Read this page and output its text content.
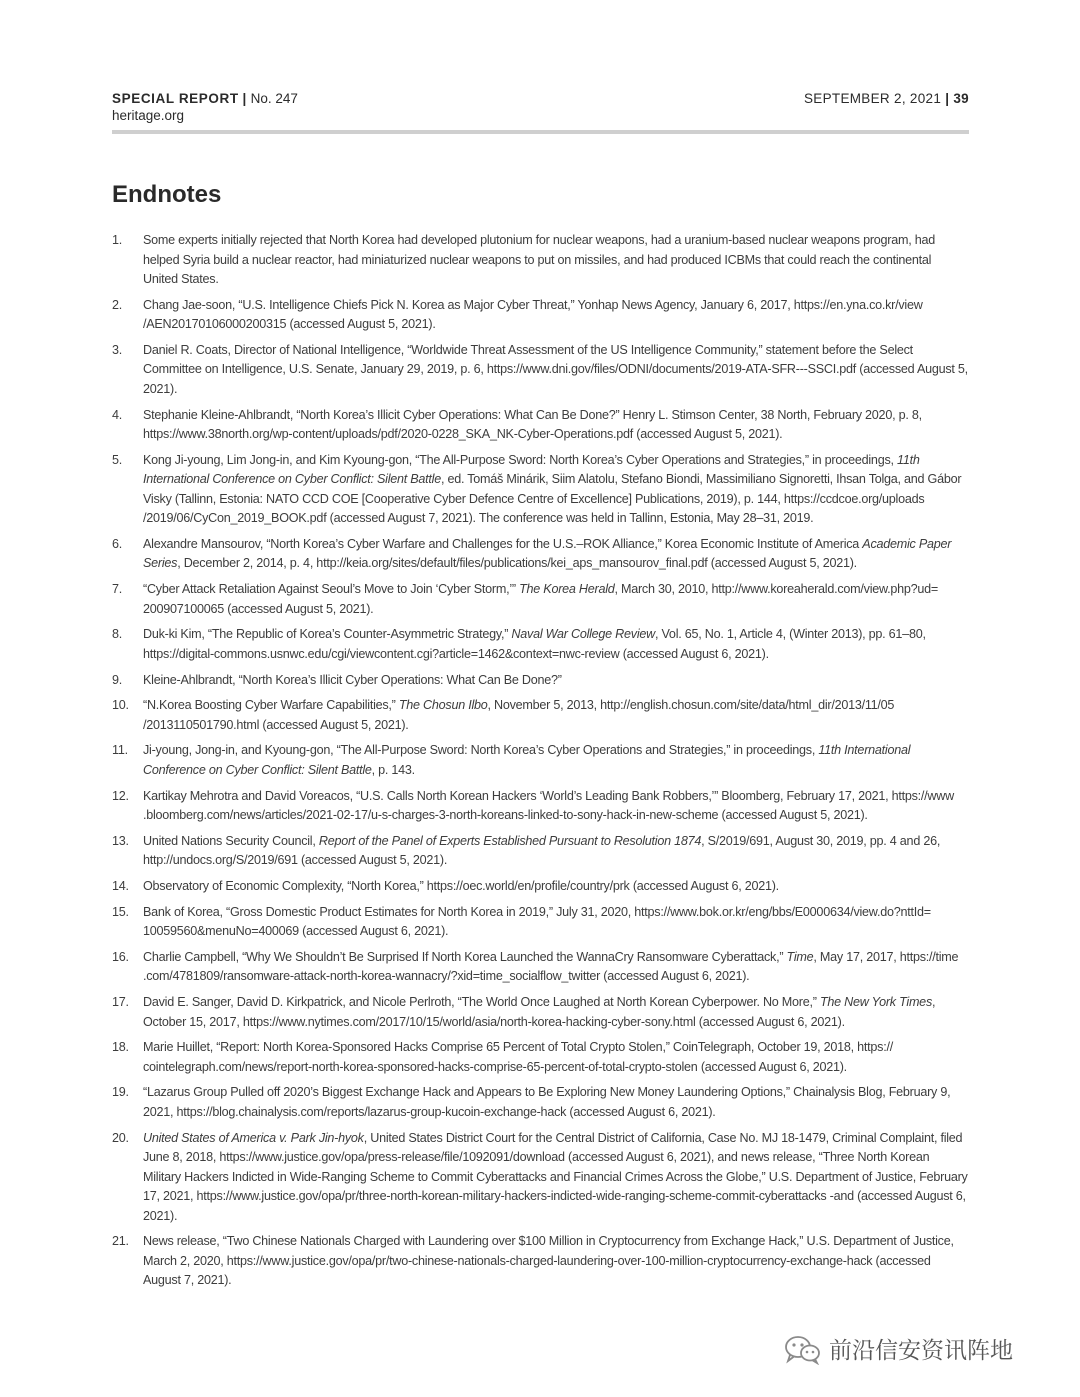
SPECIAL REPORT | No. 247
heritage.org
SEPTEMBER 2, 2021 | 39
Endnotes
1.	Some experts initially rejected that North Korea had developed plutonium for nuclear weapons, had a uranium-based nuclear weapons program, had helped Syria build a nuclear reactor, had miniaturized nuclear weapons to put on missiles, and had produced ICBMs that could reach the continental United States.
2.	Chang Jae-soon, “U.S. Intelligence Chiefs Pick N. Korea as Major Cyber Threat,” Yonhap News Agency, January 6, 2017, https://en.yna.co.kr/view /AEN20170106000200315 (accessed August 5, 2021).
3.	Daniel R. Coats, Director of National Intelligence, “Worldwide Threat Assessment of the US Intelligence Community,” statement before the Select Committee on Intelligence, U.S. Senate, January 29, 2019, p. 6, https://www.dni.gov/files/ODNI/documents/2019-ATA-SFR---SSCI.pdf (accessed August 5, 2021).
4.	Stephanie Kleine-Ahlbrandt, “North Korea’s Illicit Cyber Operations: What Can Be Done?” Henry L. Stimson Center, 38 North, February 2020, p. 8, https://www.38north.org/wp-content/uploads/pdf/2020-0228_SKA_NK-Cyber-Operations.pdf (accessed August 5, 2021).
5.	Kong Ji-young, Lim Jong-in, and Kim Kyoung-gon, “The All-Purpose Sword: North Korea’s Cyber Operations and Strategies,” in proceedings, 11th International Conference on Cyber Conflict: Silent Battle, ed. Tomáš Minárik, Siim Alatolu, Stefano Biondi, Massimiliano Signoretti, Ihsan Tolga, and Gábor Visky (Tallinn, Estonia: NATO CCD COE [Cooperative Cyber Defence Centre of Excellence] Publications, 2019), p. 144, https://ccdcoe.org/uploads /2019/06/CyCon_2019_BOOK.pdf (accessed August 7, 2021). The conference was held in Tallinn, Estonia, May 28–31, 2019.
6.	Alexandre Mansourov, “North Korea’s Cyber Warfare and Challenges for the U.S.–ROK Alliance,” Korea Economic Institute of America Academic Paper Series, December 2, 2014, p. 4, http://keia.org/sites/default/files/publications/kei_aps_mansourov_final.pdf (accessed August 5, 2021).
7.	“Cyber Attack Retaliation Against Seoul’s Move to Join ‘Cyber Storm,’” The Korea Herald, March 30, 2010, http://www.koreaherald.com/view.php?ud= 200907100065 (accessed August 5, 2021).
8.	Duk-ki Kim, “The Republic of Korea’s Counter-Asymmetric Strategy,” Naval War College Review, Vol. 65, No. 1, Article 4, (Winter 2013), pp. 61–80, https://digital-commons.usnwc.edu/cgi/viewcontent.cgi?article=1462&context=nwc-review (accessed August 6, 2021).
9.	Kleine-Ahlbrandt, “North Korea’s Illicit Cyber Operations: What Can Be Done?”
10.	“N.Korea Boosting Cyber Warfare Capabilities,” The Chosun Ilbo, November 5, 2013, http://english.chosun.com/site/data/html_dir/2013/11/05 /2013110501790.html (accessed August 5, 2021).
11.	Ji-young, Jong-in, and Kyoung-gon, “The All-Purpose Sword: North Korea’s Cyber Operations and Strategies,” in proceedings, 11th International Conference on Cyber Conflict: Silent Battle, p. 143.
12.	Kartikay Mehrotra and David Voreacos, “U.S. Calls North Korean Hackers ‘World’s Leading Bank Robbers,’” Bloomberg, February 17, 2021, https://www .bloomberg.com/news/articles/2021-02-17/u-s-charges-3-north-koreans-linked-to-sony-hack-in-new-scheme (accessed August 5, 2021).
13.	United Nations Security Council, Report of the Panel of Experts Established Pursuant to Resolution 1874, S/2019/691, August 30, 2019, pp. 4 and 26, http://undocs.org/S/2019/691 (accessed August 5, 2021).
14.	Observatory of Economic Complexity, “North Korea,” https://oec.world/en/profile/country/prk (accessed August 6, 2021).
15.	Bank of Korea, “Gross Domestic Product Estimates for North Korea in 2019,” July 31, 2020, https://www.bok.or.kr/eng/bbs/E0000634/view.do?nttId= 10059560&menuNo=400069 (accessed August 6, 2021).
16.	Charlie Campbell, “Why We Shouldn’t Be Surprised If North Korea Launched the WannaCry Ransomware Cyberattack,” Time, May 17, 2017, https://time .com/4781809/ransomware-attack-north-korea-wannacry/?xid=time_socialflow_twitter (accessed August 6, 2021).
17.	David E. Sanger, David D. Kirkpatrick, and Nicole Perlroth, “The World Once Laughed at North Korean Cyberpower. No More,” The New York Times, October 15, 2017, https://www.nytimes.com/2017/10/15/world/asia/north-korea-hacking-cyber-sony.html (accessed August 6, 2021).
18.	Marie Huillet, “Report: North Korea-Sponsored Hacks Comprise 65 Percent of Total Crypto Stolen,” CoinTelegraph, October 19, 2018, https:// cointelegraph.com/news/report-north-korea-sponsored-hacks-comprise-65-percent-of-total-crypto-stolen (accessed August 6, 2021).
19.	“Lazarus Group Pulled off 2020’s Biggest Exchange Hack and Appears to Be Exploring New Money Laundering Options,” Chainalysis Blog, February 9, 2021, https://blog.chainalysis.com/reports/lazarus-group-kucoin-exchange-hack (accessed August 6, 2021).
20.	United States of America v. Park Jin-hyok, United States District Court for the Central District of California, Case No. MJ 18-1479, Criminal Complaint, filed June 8, 2018, https://www.justice.gov/opa/press-release/file/1092091/download (accessed August 6, 2021), and news release, “Three North Korean Military Hackers Indicted in Wide-Ranging Scheme to Commit Cyberattacks and Financial Crimes Across the Globe,” U.S. Department of Justice, February 17, 2021, https://www.justice.gov/opa/pr/three-north-korean-military-hackers-indicted-wide-ranging-scheme-commit-cyberattacks -and (accessed August 6, 2021).
21.	News release, “Two Chinese Nationals Charged with Laundering over $100 Million in Cryptocurrency from Exchange Hack,” U.S. Department of Justice, March 2, 2020, https://www.justice.gov/opa/pr/two-chinese-nationals-charged-laundering-over-100-million-cryptocurrency-exchange-hack (accessed August 7, 2021).
前沿信安资讯阵地
